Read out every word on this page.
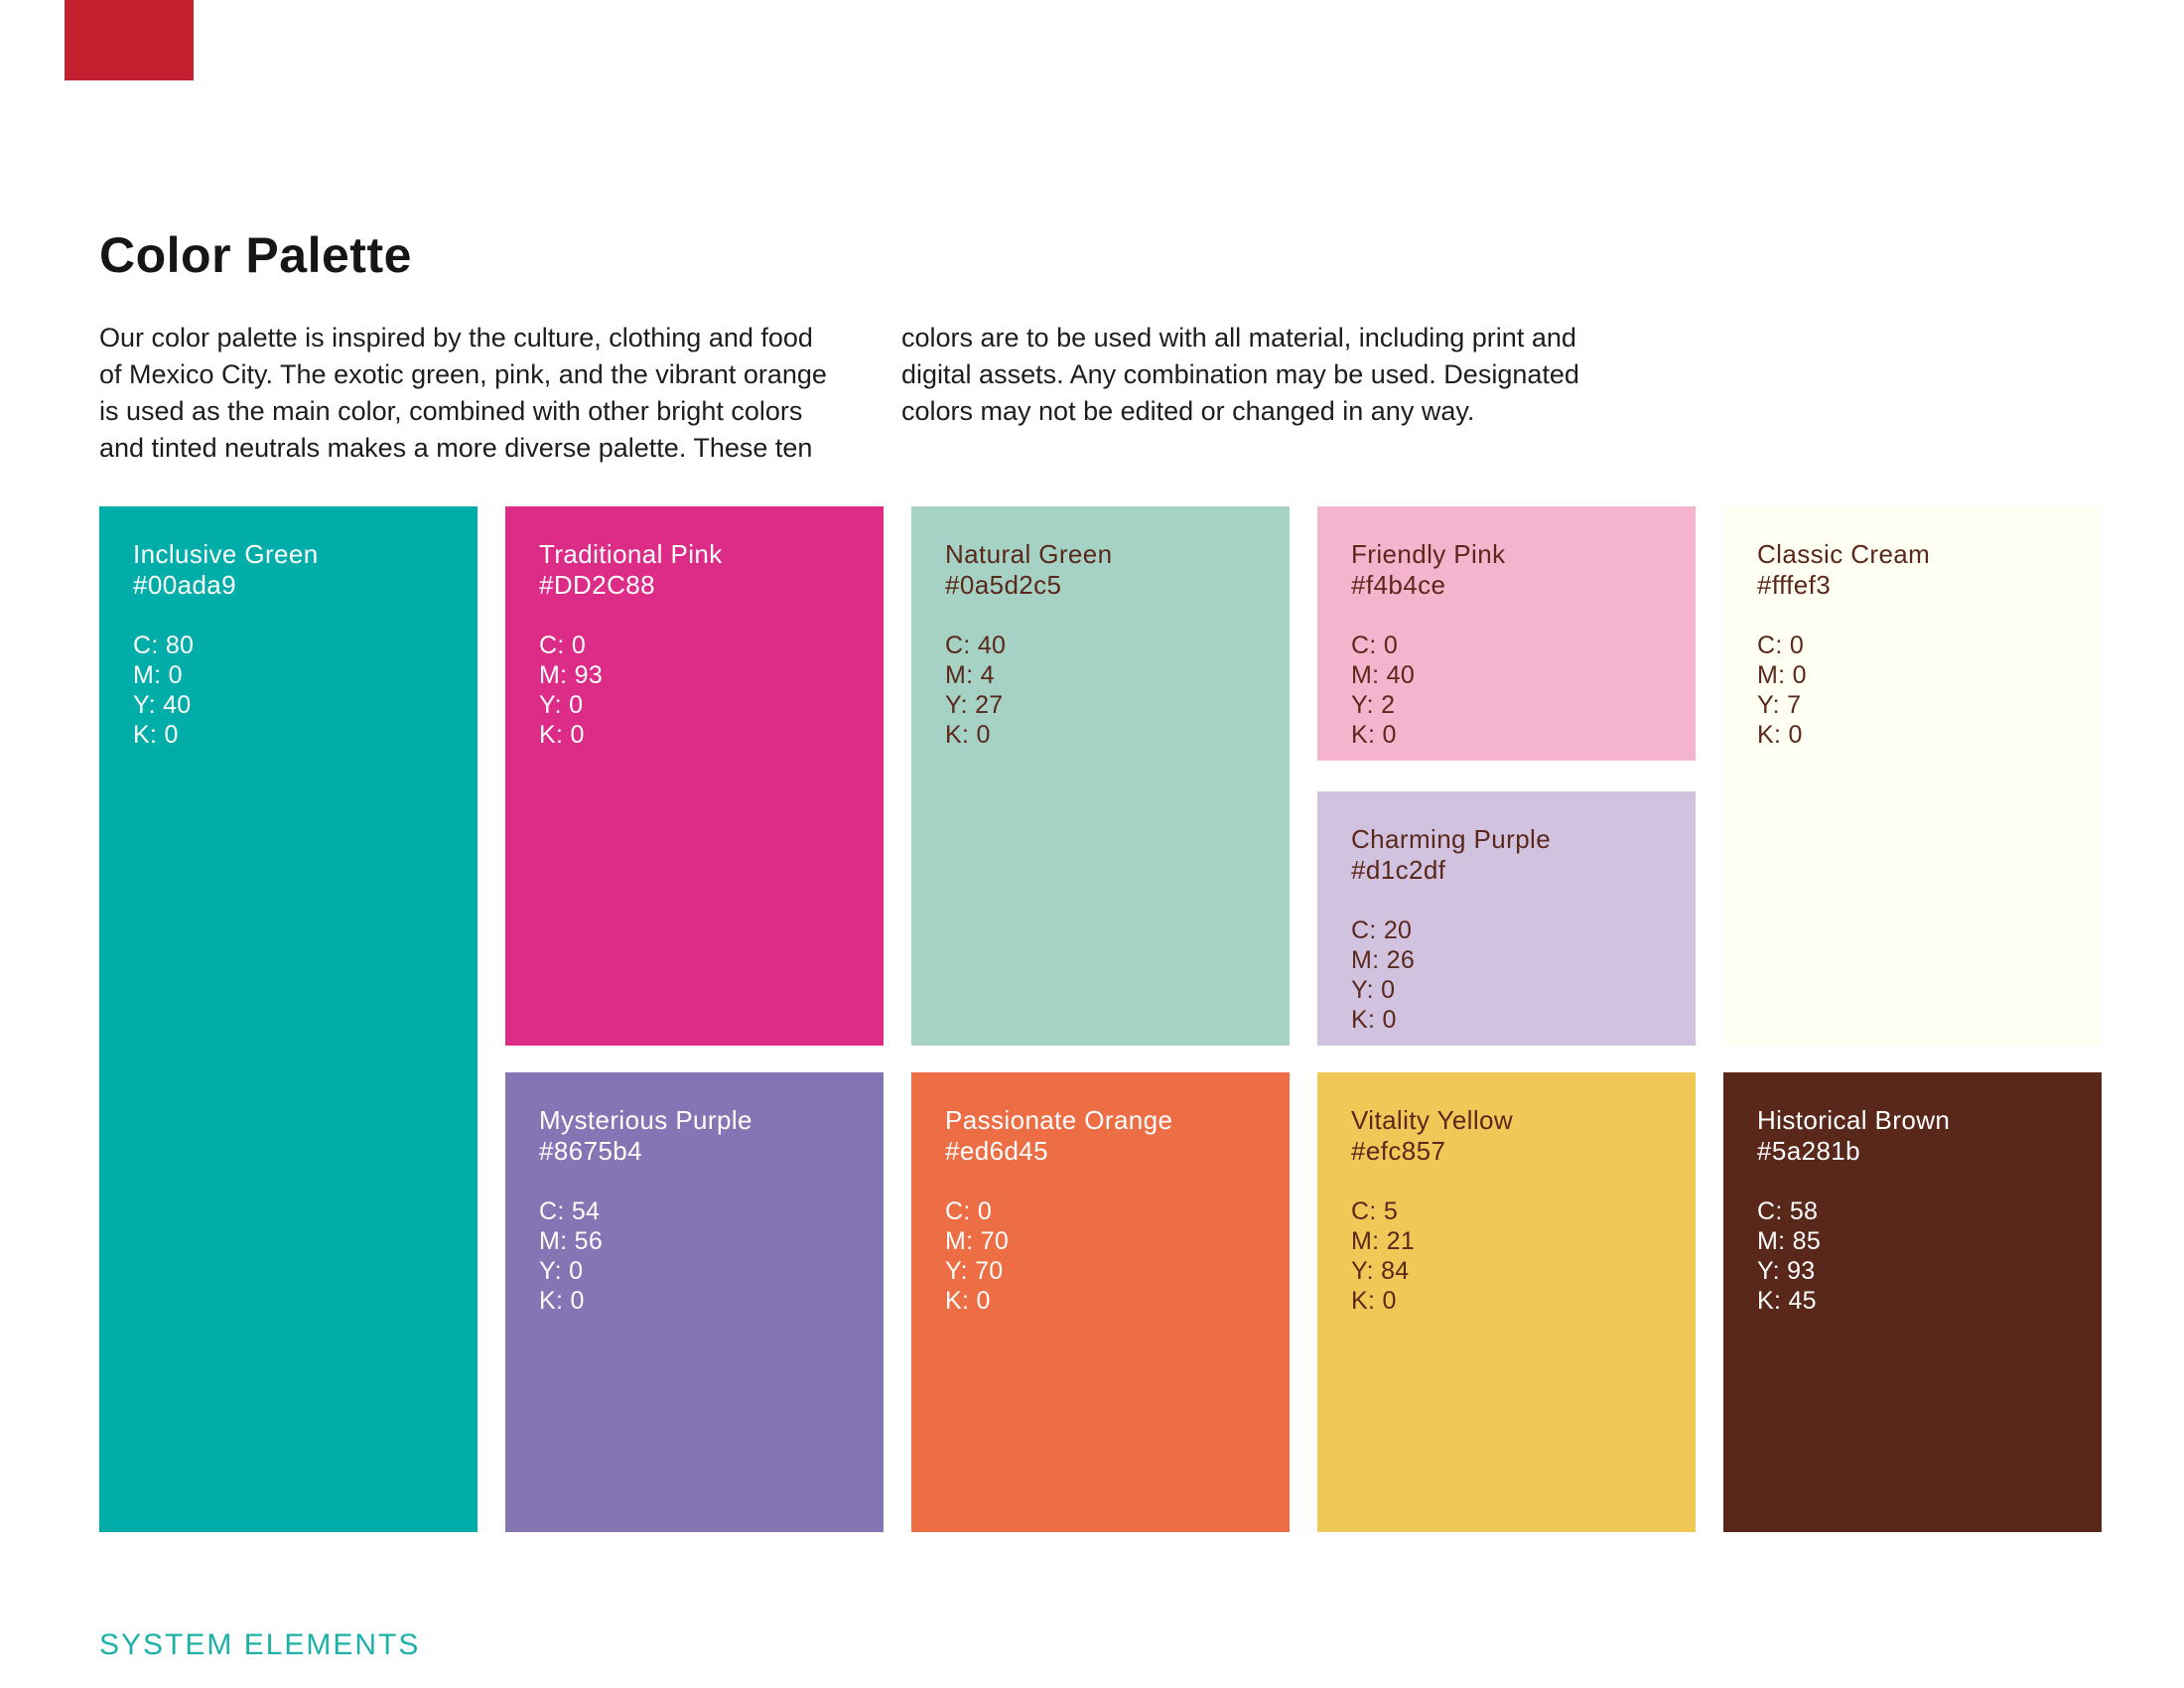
Color Palette
Our color palette is inspired by the culture, clothing and food
of Mexico City. The exotic green, pink, and the vibrant orange
is used as the main color, combined with other bright colors
and tinted neutrals makes a more diverse palette. These ten
colors are to be used with all material, including print and
digital assets. Any combination may be used. Designated
colors may not be edited or changed in any way.
Inclusive Green
#00ada9
C: 80
M: 0
Y: 40
K: 0
Traditional Pink
#DD2C88
C: 0
M: 93
Y: 0
K: 0
Mysterious Purple
#8675b4
C: 54
M: 56
Y: 0
K: 0
Natural Green
#0a5d2c5
C: 40
M: 4
Y: 27
K: 0
Passionate Orange
#ed6d45
C: 0
M: 70
Y: 70
K: 0
Friendly Pink
#f4b4ce
C: 0
M: 40
Y: 2
K: 0
Charming Purple
#d1c2df
C: 20
M: 26
Y: 0
K: 0
Vitality Yellow
#efc857
C: 5
M: 21
Y: 84
K: 0
Classic Cream
#fffef3
C: 0
M: 0
Y: 7
K: 0
Historical Brown
#5a281b
C: 58
M: 85
Y: 93
K: 45
SYSTEM ELEMENTS
